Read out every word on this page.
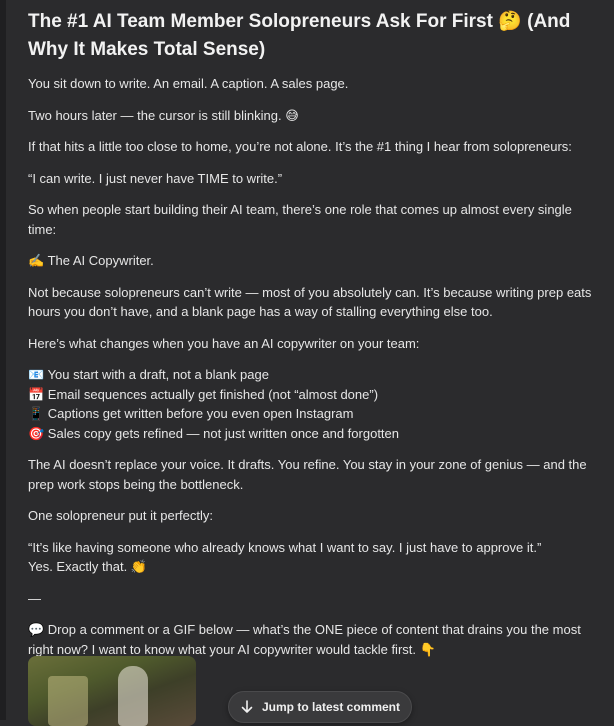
The #1 AI Team Member Solopreneurs Ask For First 🤔 (And Why It Makes Total Sense)

You sit down to write. An email. A caption. A sales page.

Two hours later — the cursor is still blinking. 😅

If that hits a little too close to home, you’re not alone. It’s the #1 thing I hear from solopreneurs:

“I can write. I just never have TIME to write.”

So when people start building their AI team, there’s one role that comes up almost every single time:

✍️ The AI Copywriter.

Not because solopreneurs can’t write — most of you absolutely can. It’s because writing prep eats hours you don’t have, and a blank page has a way of stalling everything else too.

Here’s what changes when you have an AI copywriter on your team:

📧 You start with a draft, not a blank page
📅 Email sequences actually get finished (not “almost done”)
📱 Captions get written before you even open Instagram
🎯 Sales copy gets refined — not just written once and forgotten

The AI doesn’t replace your voice. It drafts. You refine. You stay in your zone of genius — and the prep work stops being the bottleneck.

One solopreneur put it perfectly:

“It’s like having someone who already knows what I want to say. I just have to approve it.”

Yes. Exactly that. 👏

—

💬 Drop a comment or a GIF below — what’s the ONE piece of content that drains you the most right now? I want to know what your AI copywriter would tackle first. 👇

Jump to latest comment
